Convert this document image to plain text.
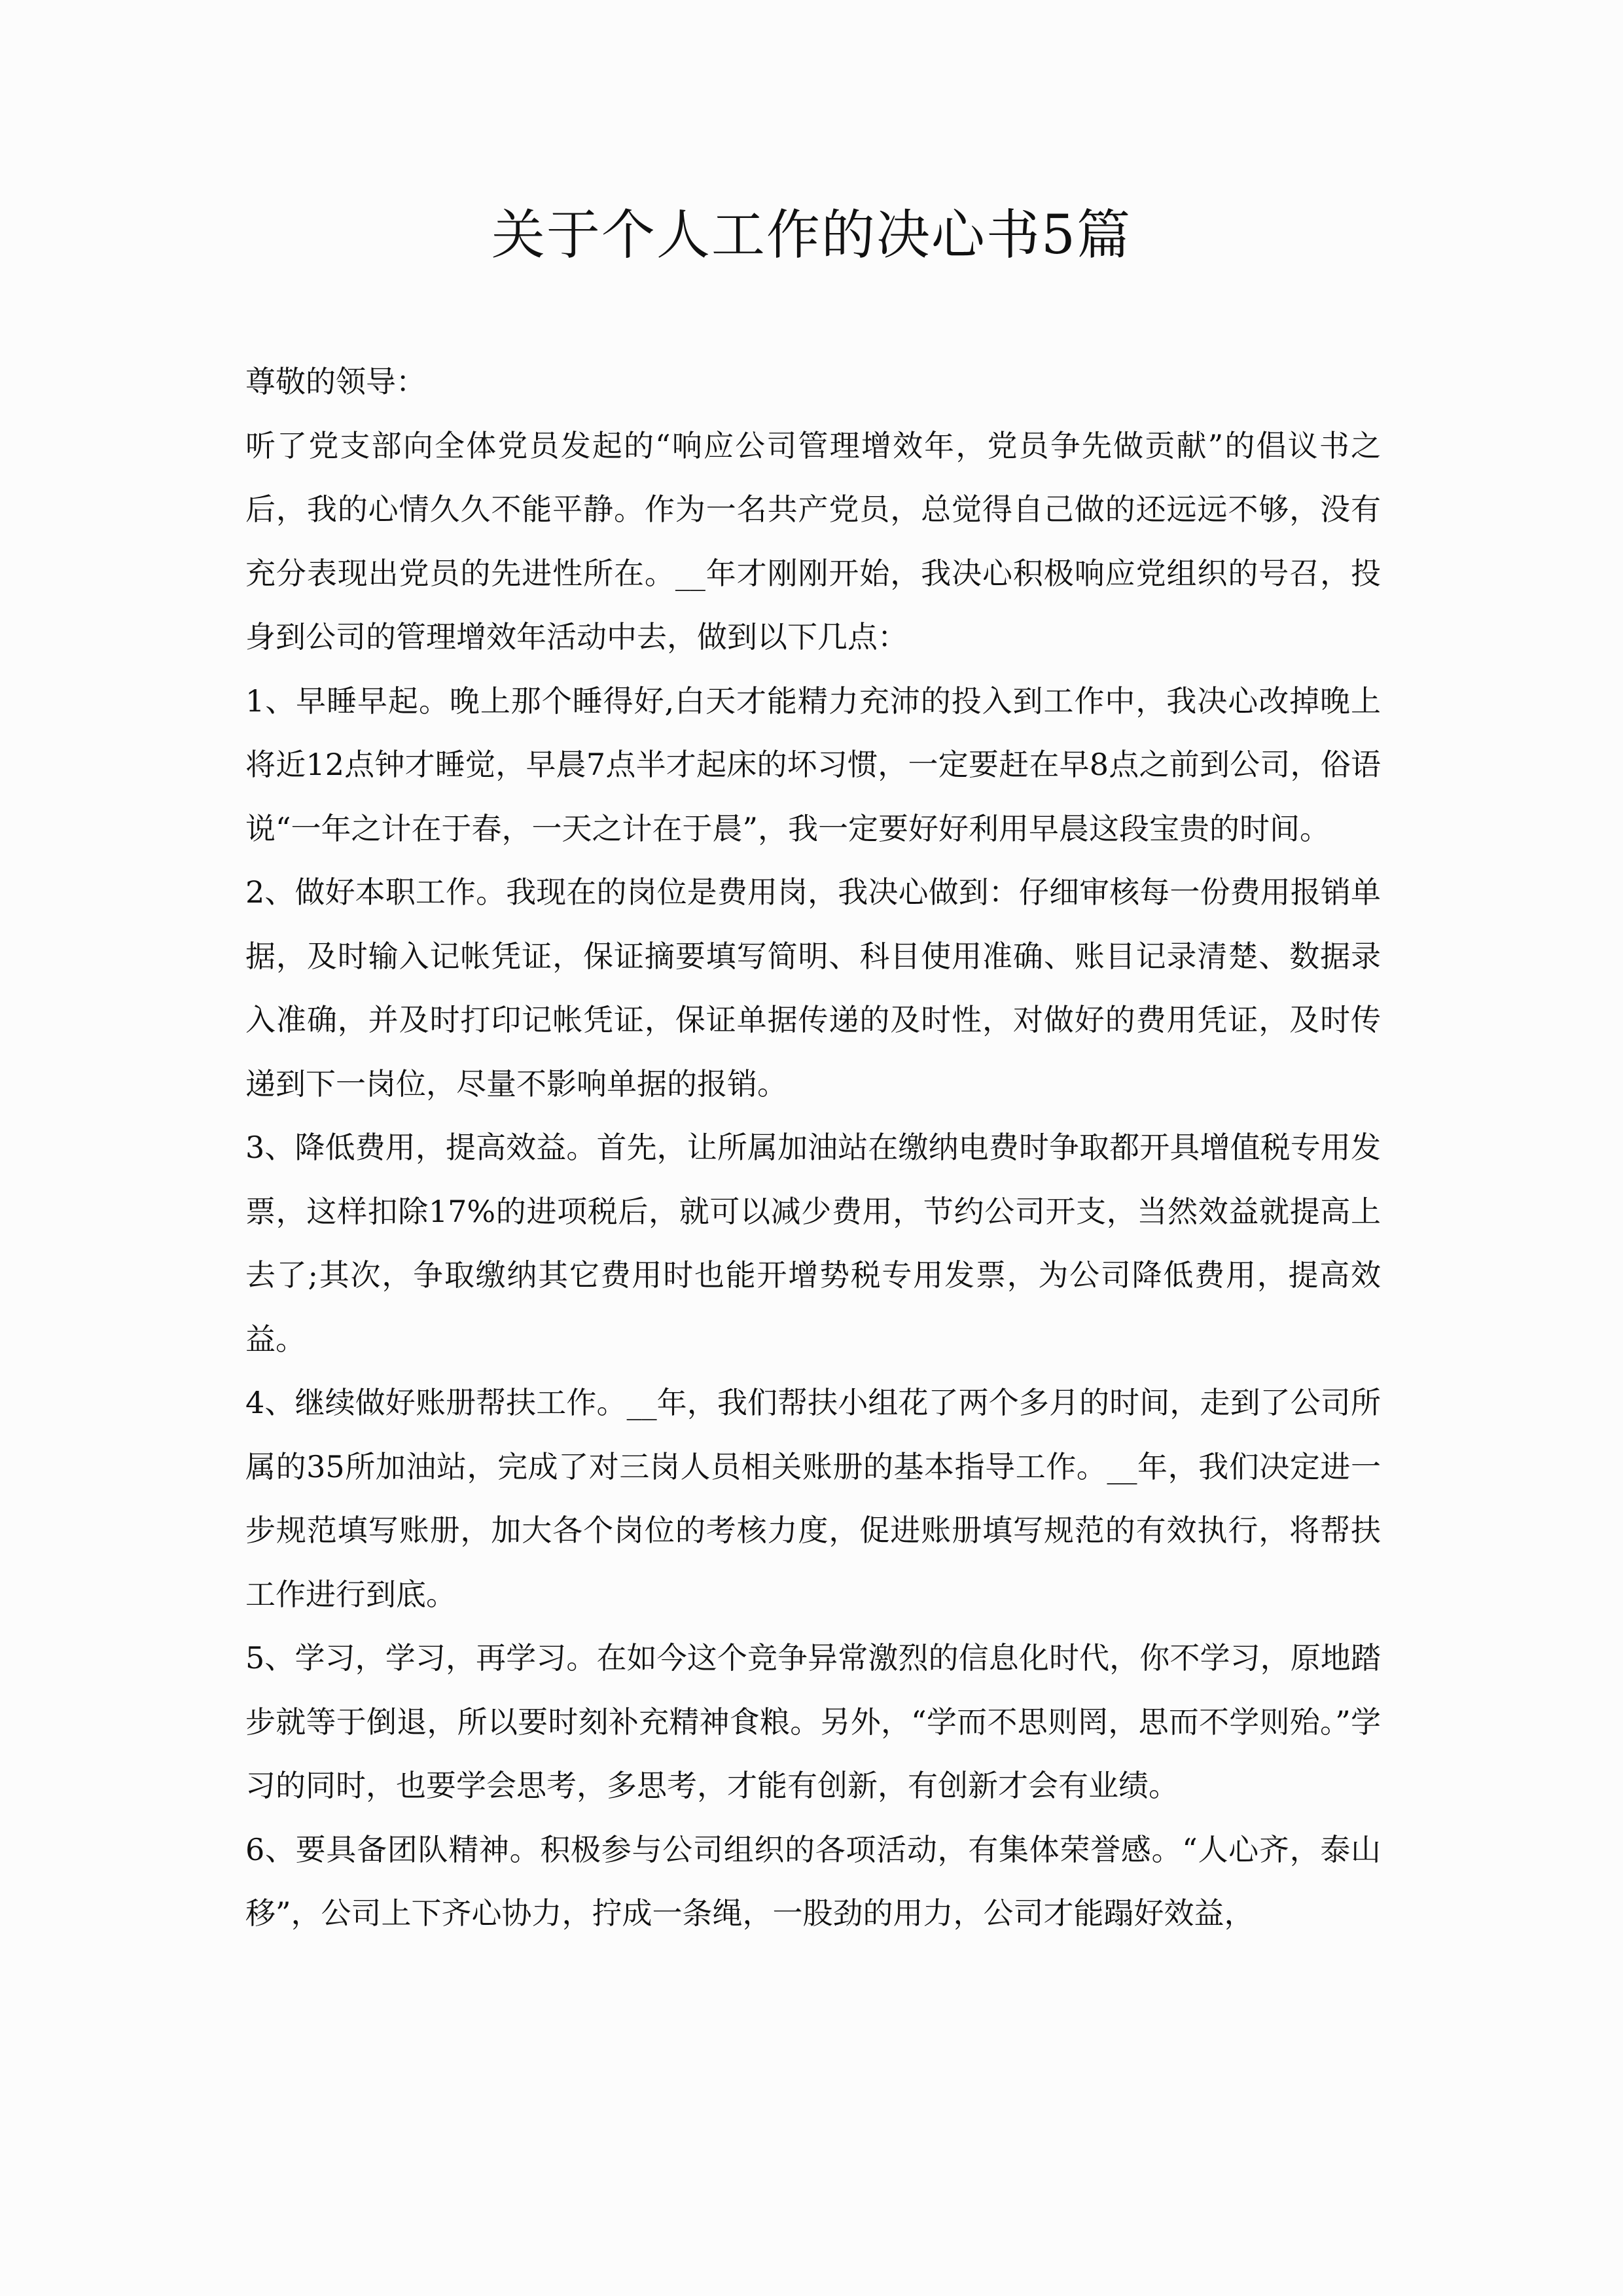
关于个人工作的决心书5篇

尊敬的领导：

听了党支部向全体党员发起的“响应公司管理增效年，党员争先做贡献”的倡议书之后，我的心情久久不能平静。作为一名共产党员，总觉得自己做的还远远不够，没有充分表现出党员的先进性所在。__年才刚刚开始，我决心积极响应党组织的号召，投身到公司的管理增效年活动中去，做到以下几点：

1、早睡早起。晚上那个睡得好,白天才能精力充沛的投入到工作中，我决心改掉晚上将近12点钟才睡觉，早晨7点半才起床的坏习惯，一定要赶在早8点之前到公司，俗语说“一年之计在于春，一天之计在于晨”，我一定要好好利用早晨这段宝贵的时间。

2、做好本职工作。我现在的岗位是费用岗，我决心做到：仔细审核每一份费用报销单据，及时输入记帐凭证，保证摘要填写简明、科目使用准确、账目记录清楚、数据录入准确，并及时打印记帐凭证，保证单据传递的及时性，对做好的费用凭证，及时传递到下一岗位，尽量不影响单据的报销。

3、降低费用，提高效益。首先，让所属加油站在缴纳电费时争取都开具增值税专用发票，这样扣除17%的进项税后，就可以减少费用，节约公司开支，当然效益就提高上去了;其次，争取缴纳其它费用时也能开增势税专用发票，为公司降低费用，提高效益。

4、继续做好账册帮扶工作。__年，我们帮扶小组花了两个多月的时间，走到了公司所属的35所加油站，完成了对三岗人员相关账册的基本指导工作。__年，我们决定进一步规范填写账册，加大各个岗位的考核力度，促进账册填写规范的有效执行，将帮扶工作进行到底。

5、学习，学习，再学习。在如今这个竞争异常激烈的信息化时代，你不学习，原地踏步就等于倒退，所以要时刻补充精神食粮。另外，“学而不思则罔，思而不学则殆。”学习的同时，也要学会思考，多思考，才能有创新，有创新才会有业绩。

6、要具备团队精神。积极参与公司组织的各项活动，有集体荣誉感。“人心齐，泰山移”，公司上下齐心协力，拧成一条绳，一股劲的用力，公司才能蹋好效益，
